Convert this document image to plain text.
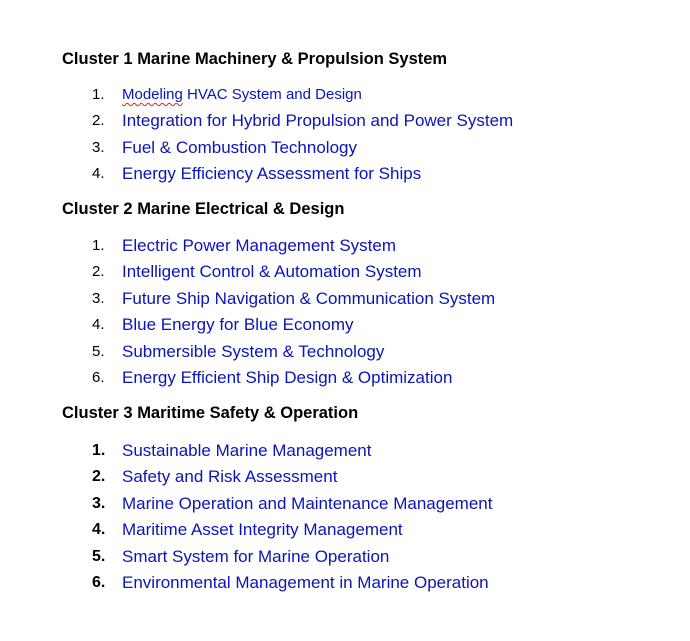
Cluster 1 Marine Machinery & Propulsion System
1. Modeling HVAC System and Design
2. Integration for Hybrid Propulsion and Power System
3. Fuel & Combustion Technology
4. Energy Efficiency Assessment for Ships
Cluster 2 Marine Electrical & Design
1. Electric Power Management System
2. Intelligent Control & Automation System
3. Future Ship Navigation & Communication System
4. Blue Energy for Blue Economy
5. Submersible System & Technology
6. Energy Efficient Ship Design & Optimization
Cluster 3 Maritime Safety & Operation
1. Sustainable Marine Management
2. Safety and Risk Assessment
3. Marine Operation and Maintenance Management
4. Maritime Asset Integrity Management
5. Smart System for Marine Operation
6. Environmental Management in Marine Operation
